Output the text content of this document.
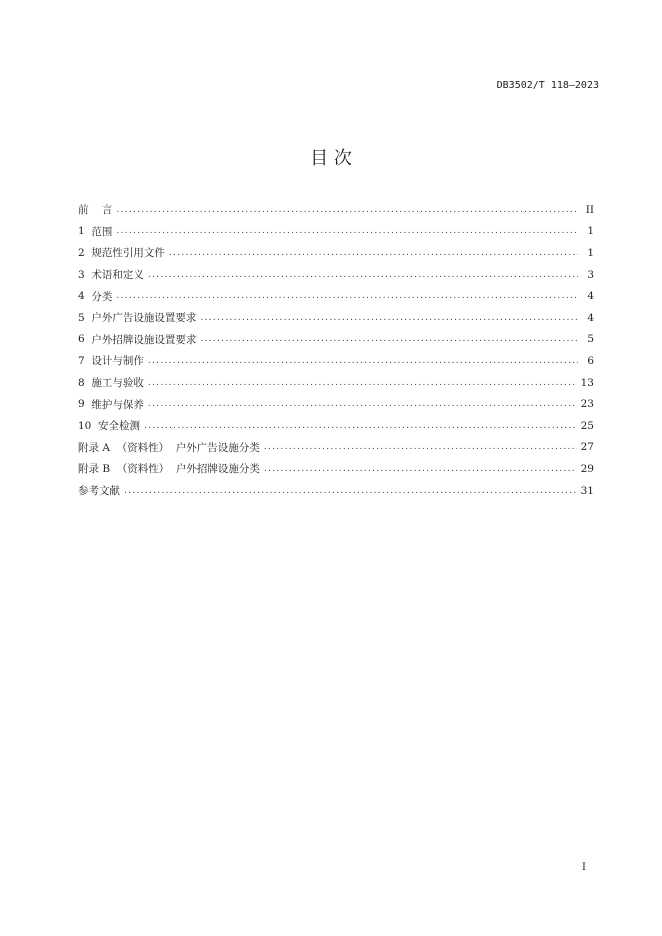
DB3502/T 118—2023
目 次
前    言 .....	II
1 范围 .....	1
2 规范性引用文件 .....	1
3 术语和定义 .....	3
4 分类 .....	4
5 户外广告设施设置要求 .....	4
6 户外招牌设施设置要求 .....	5
7 设计与制作 .....	6
8 施工与验收 .....	13
9 维护与保养 .....	23
10 安全检测 .....	25
附录 A  （资料性）  户外广告设施分类 .....	27
附录 B  （资料性）  户外招牌设施分类 .....	29
参考文献 .....	31
I
